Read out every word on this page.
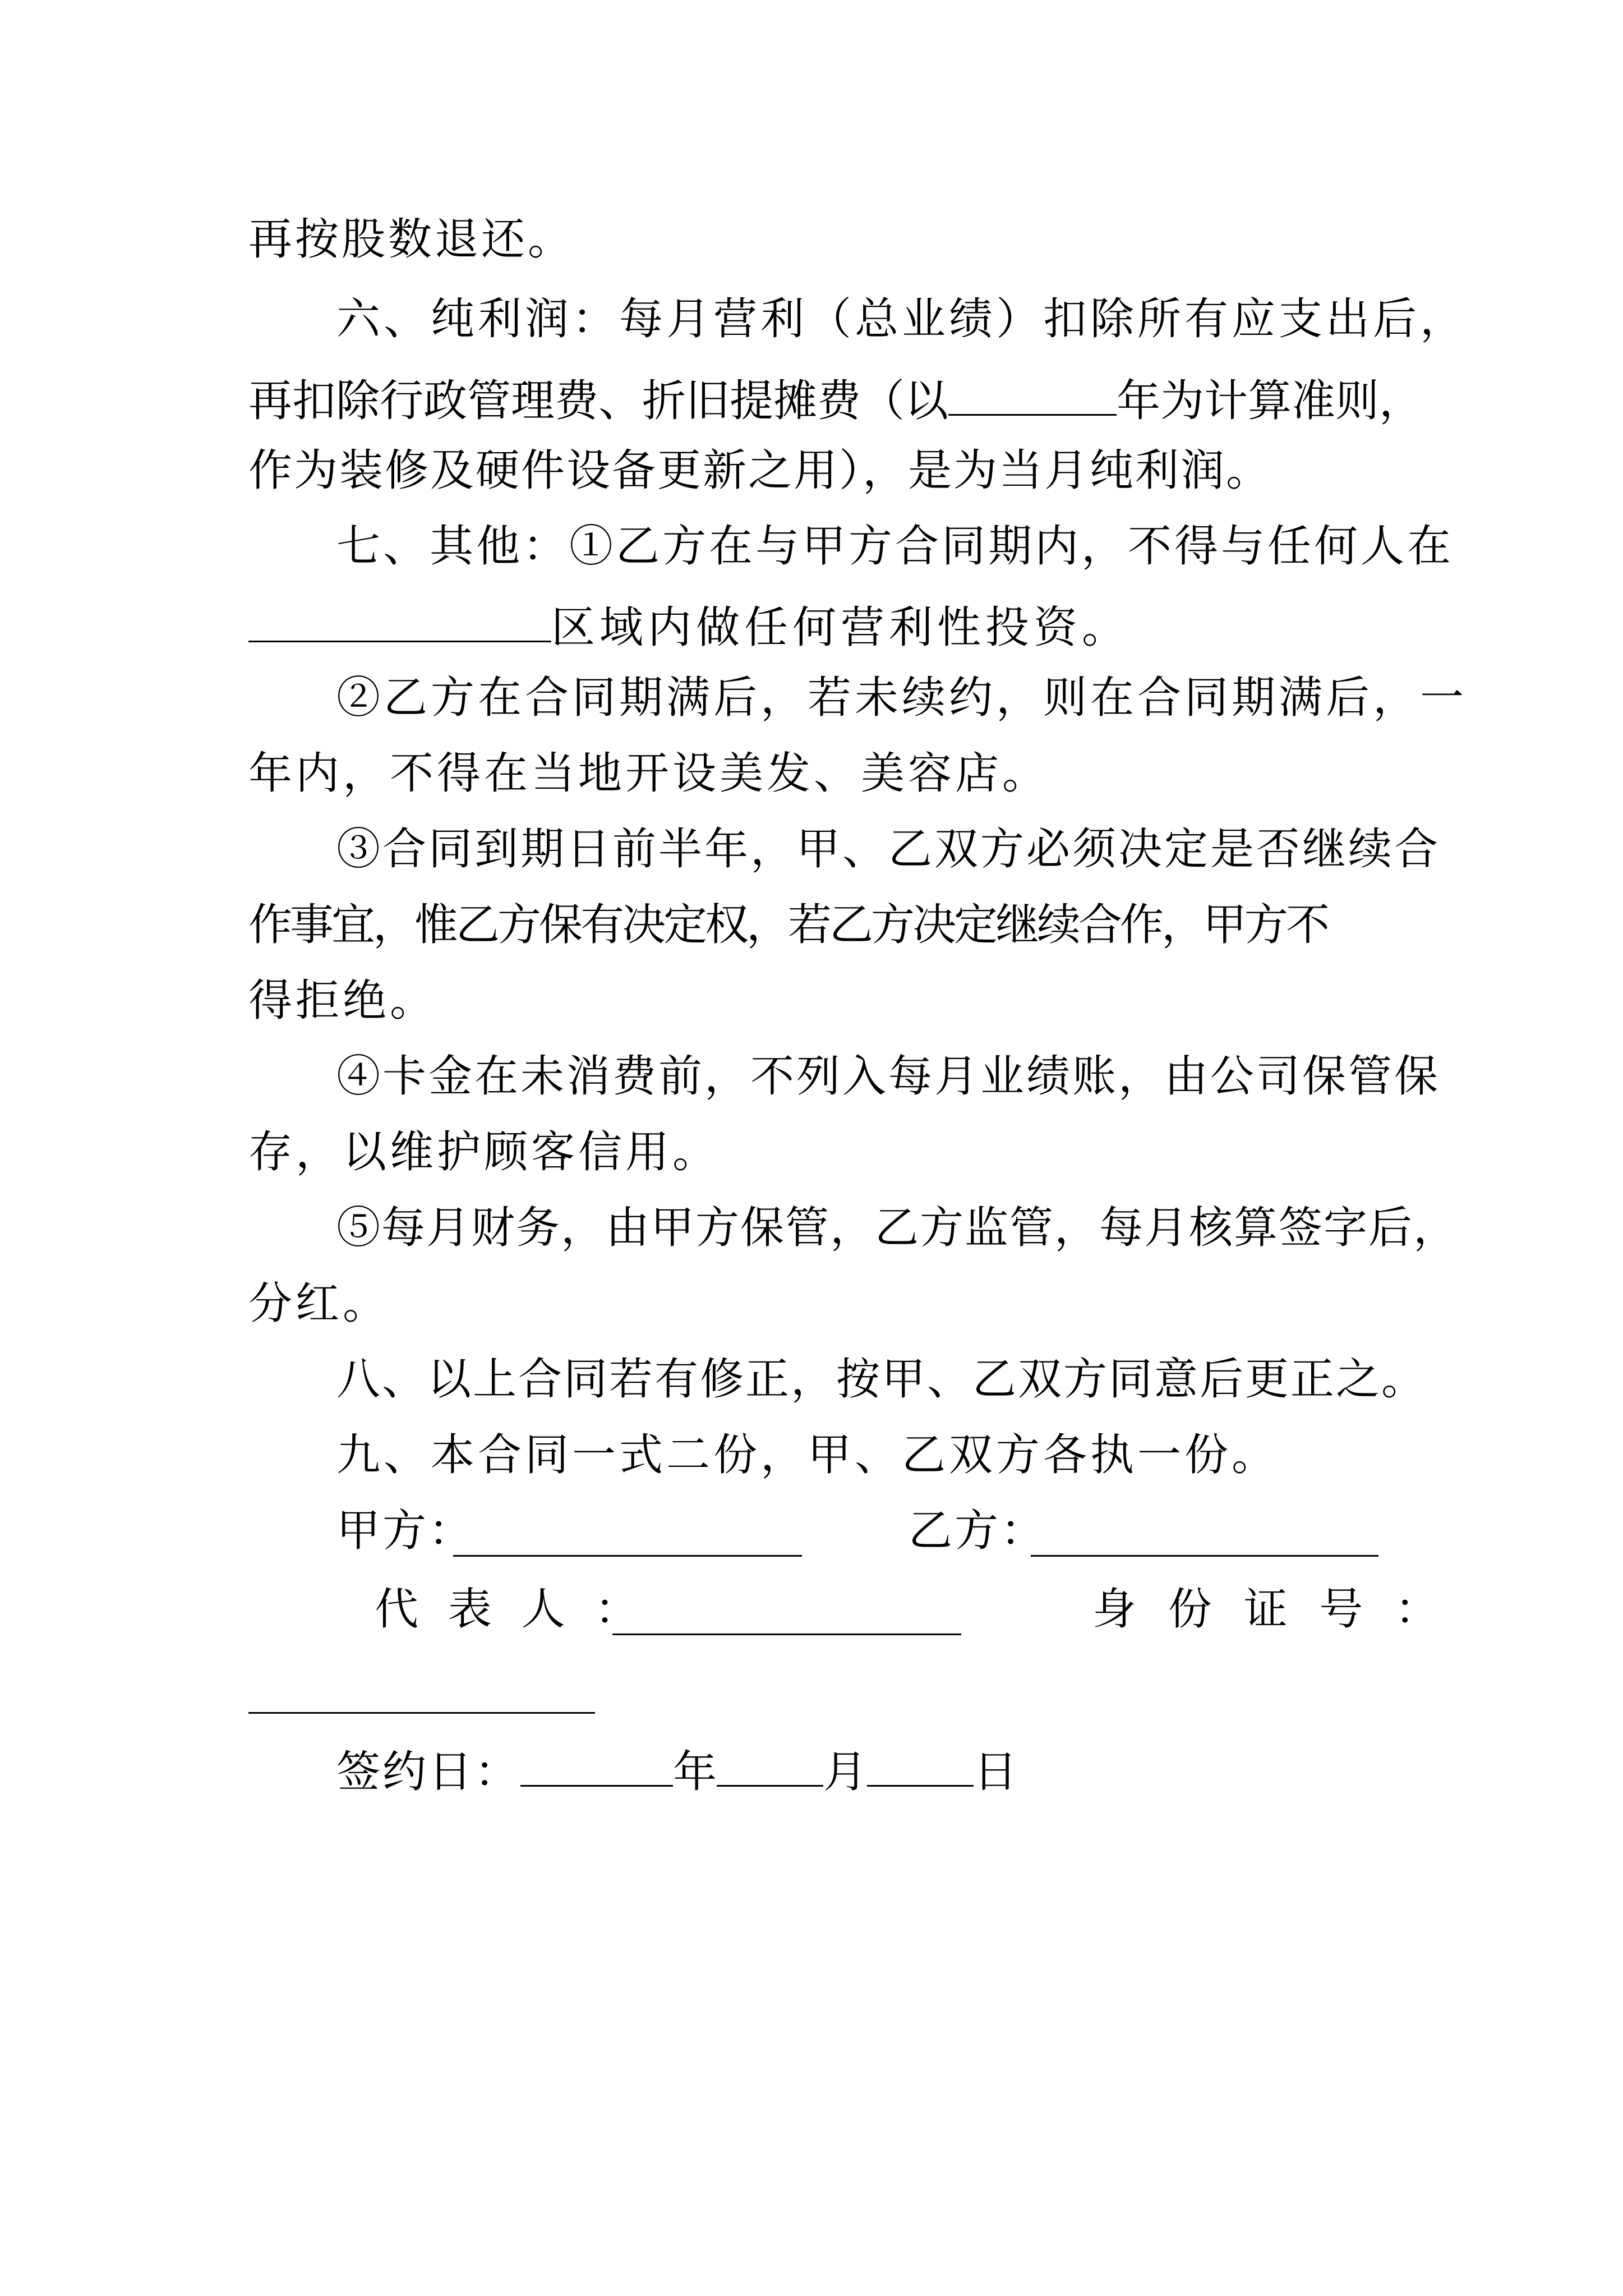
再按股数退还。
六、纯利润：每月营利（总业绩）扣除所有应支出后，
再扣除行政管理费、折旧提摊费（以	年为计算准则，
作为装修及硬件设备更新之用），是为当月纯利润。
七、其他：①乙方在与甲方合同期内，不得与任何人在
区域内做任何营利性投资。
②乙方在合同期满后，若未续约，则在合同期满后，一
年内，不得在当地开设美发、美容店。
③合同到期日前半年，甲、乙双方必须决定是否继续合
作事宜，惟乙方保有决定权，若乙方决定继续合作，甲方不
得拒绝。
④卡金在未消费前，不列入每月业绩账，由公司保管保
存，以维护顾客信用。
⑤每月财务，由甲方保管，乙方监管，每月核算签字后，
分红。
八、以上合同若有修正，按甲、乙双方同意后更正之。
九、本合同一式二份，甲、乙双方各执一份。
甲方：	乙方：
代 表 人 ：	身 份 证 号 ：
签约日：	年 月 日
